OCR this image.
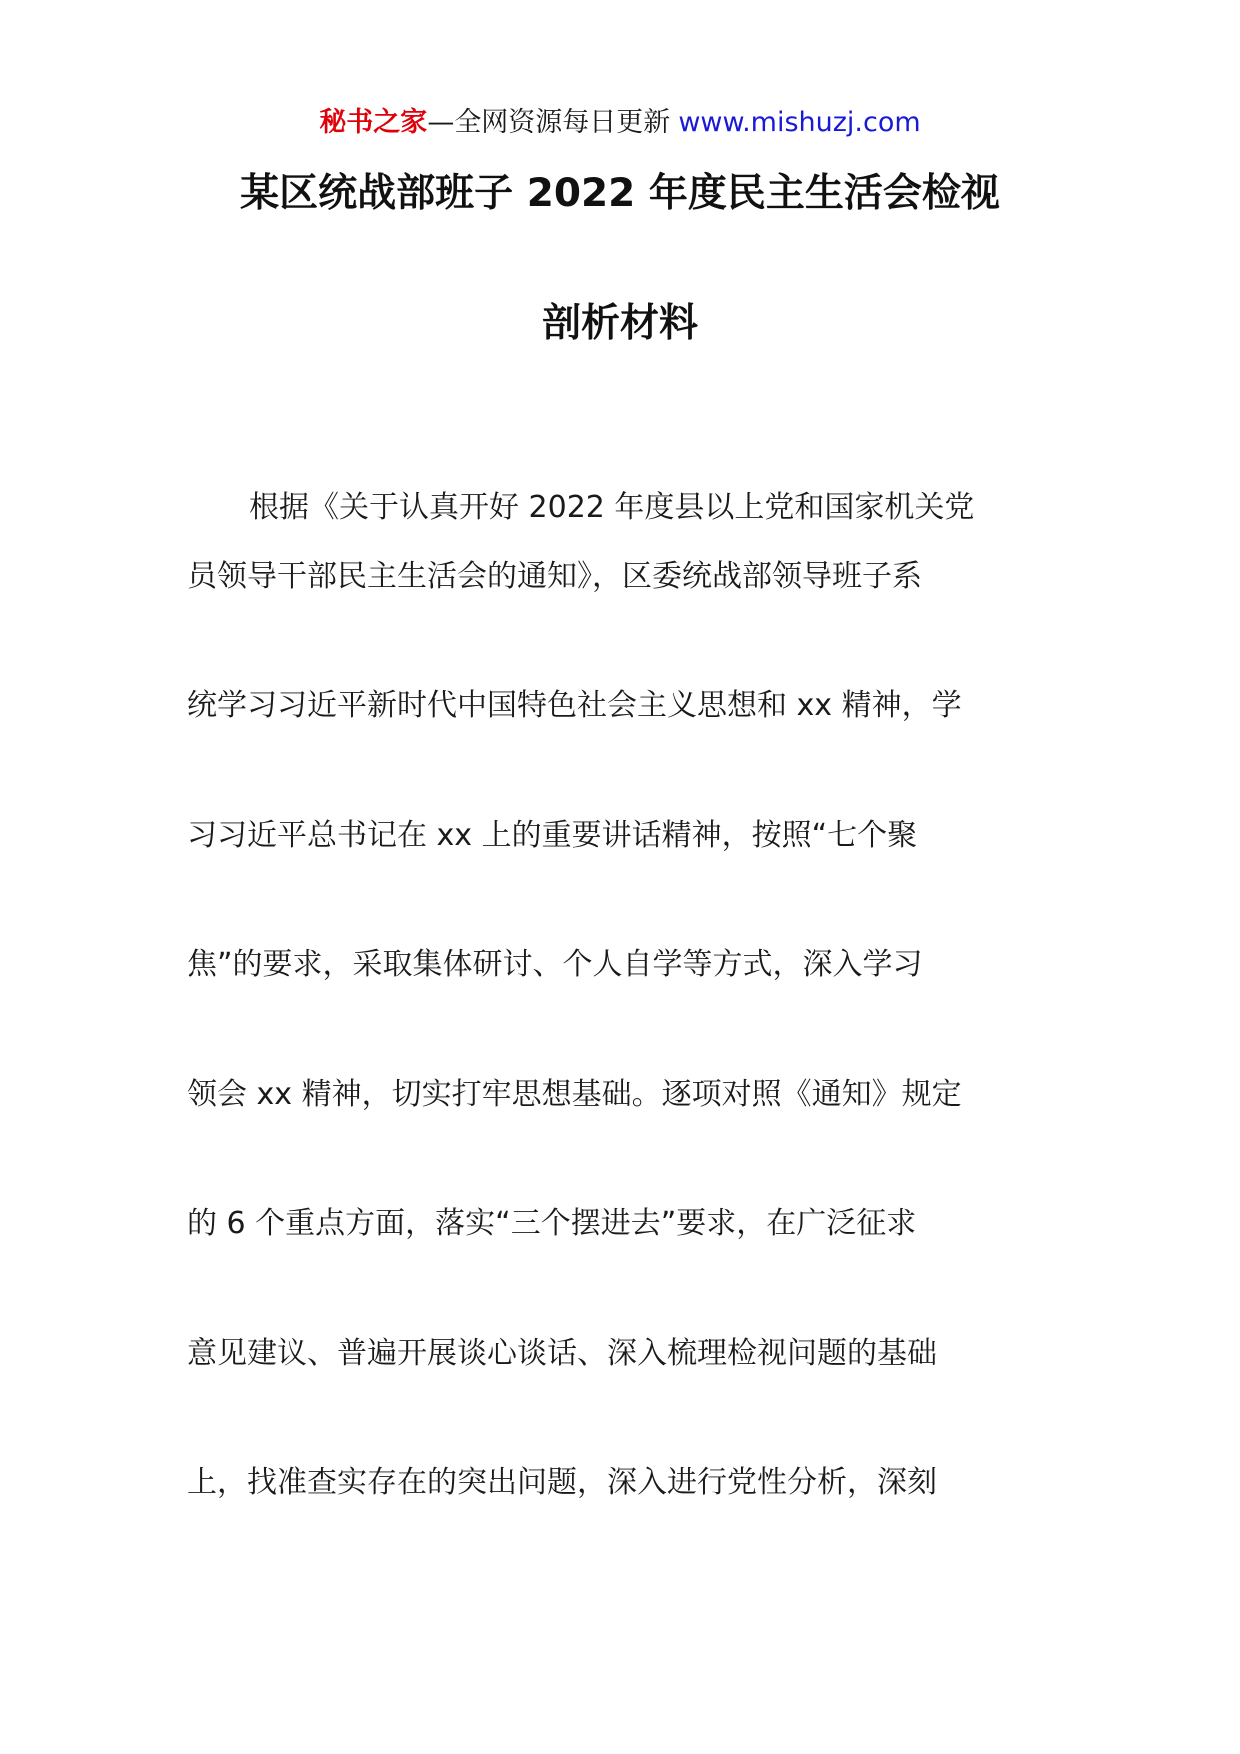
秘书之家—全网资源每日更新 www.mishuzj.com
某区统战部班子 2022 年度民主生活会检视
剖析材料
根据《关于认真开好 2022 年度县以上党和国家机关党
员领导干部民主生活会的通知》，区委统战部领导班子系
统学习习近平新时代中国特色社会主义思想和 xx 精神，学
习习近平总书记在 xx 上的重要讲话精神，按照“七个聚
焦”的要求，采取集体研讨、个人自学等方式，深入学习
领会 xx 精神，切实打牢思想基础。逐项对照《通知》规定
的 6 个重点方面，落实“三个摆进去”要求，在广泛征求
意见建议、普遍开展谈心谈话、深入梳理检视问题的基础
上，找准查实存在的突出问题，深入进行党性分析，深刻
